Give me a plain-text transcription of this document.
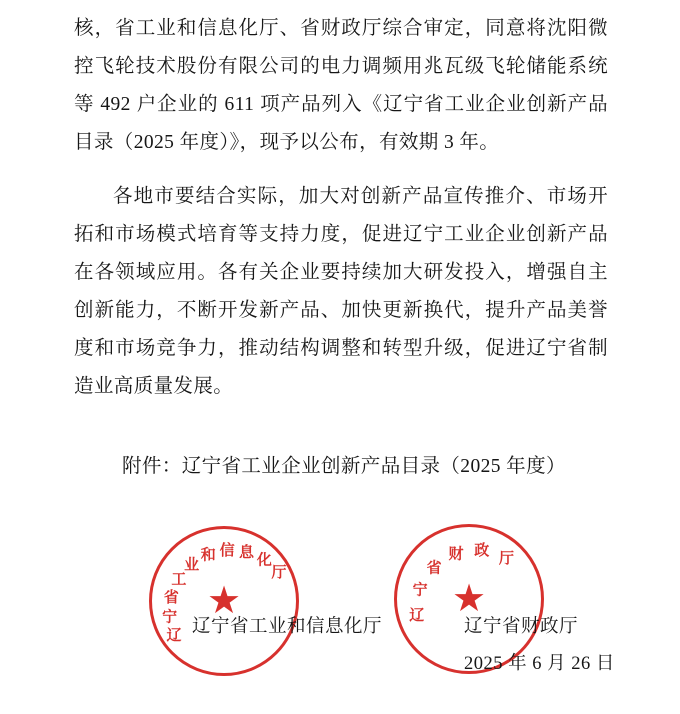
核，省工业和信息化厅、省财政厅综合审定，同意将沈阳微控飞轮技术股份有限公司的电力调频用兆瓦级飞轮储能系统等 492 户企业的 611 项产品列入《辽宁省工业企业创新产品目录（2025 年度）》，现予以公布，有效期 3 年。

各地市要结合实际，加大对创新产品宣传推介、市场开拓和市场模式培育等支持力度，促进辽宁工业企业创新产品在各领域应用。各有关企业要持续加大研发投入，增强自主创新能力，不断开发新产品、加快更新换代，提升产品美誉度和市场竞争力，推动结构调整和转型升级，促进辽宁省制造业高质量发展。

附件：辽宁省工业企业创新产品目录（2025 年度）

辽
宁
省
工
业
和 信 息 化
厅
辽
宁
省
财 政 厅
辽宁省工业和信息化厅	辽宁省财政厅
2025 年 6 月 26 日
